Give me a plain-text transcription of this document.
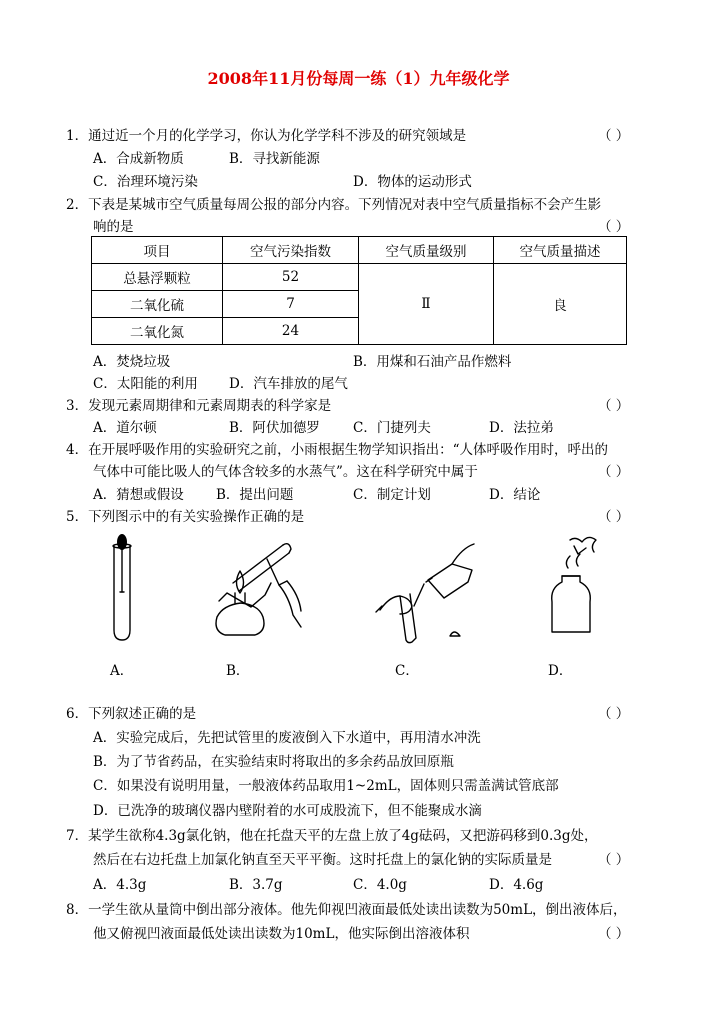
2008年11月份每周一练（1）九年级化学
1．通过近一个月的化学学习，你认为化学学科不涉及的研究领域是	（ ）
A．合成新物质	B．寻找新能源
C．治理环境污染	D．物体的运动形式
2．下表是某城市空气质量每周公报的部分内容。下列情况对表中空气质量指标不会产生影
响的是	（ ）
项目	空气污染指数	空气质量级别	空气质量描述
总悬浮颗粒	52	Ⅱ	良
二氧化硫	7		
二氧化氮	24		
A．焚烧垃圾	B．用煤和石油产品作燃料
C．太阳能的利用 D．汽车排放的尾气
3．发现元素周期律和元素周期表的科学家是	（ ）
A．道尔顿	B．阿伏加德罗 C．门捷列夫	D．法拉弟
4．在开展呼吸作用的实验研究之前，小雨根据生物学知识指出：“人体呼吸作用时，呼出的
气体中可能比吸人的气体含较多的水蒸气”。这在科学研究中属于	（ ）
A．猜想或假设 B．提出问题	C．制定计划	D．结论
5．下列图示中的有关实验操作正确的是	（ ）
A．	B．	C．	D．
6．下列叙述正确的是	（ ）
A．实验完成后，先把试管里的废液倒入下水道中，再用清水冲洗
B．为了节省药品，在实验结束时将取出的多余药品放回原瓶
C．如果没有说明用量，一般液体药品取用1~2mL，固体则只需盖满试管底部
D．已洗净的玻璃仪器内壁附着的水可成股流下，但不能聚成水滴
7．某学生欲称4.3g氯化钠，他在托盘天平的左盘上放了4g砝码，又把游码移到0.3g处，
然后在右边托盘上加氯化钠直至天平平衡。这时托盘上的氯化钠的实际质量是	（ ）
A．4.3g	B．3.7g	C．4.0g	D．4.6g
8．一学生欲从量筒中倒出部分液体。他先仰视凹液面最低处读出读数为50mL，倒出液体后，
他又俯视凹液面最低处读出读数为10mL，他实际倒出溶液体积	（ ）
